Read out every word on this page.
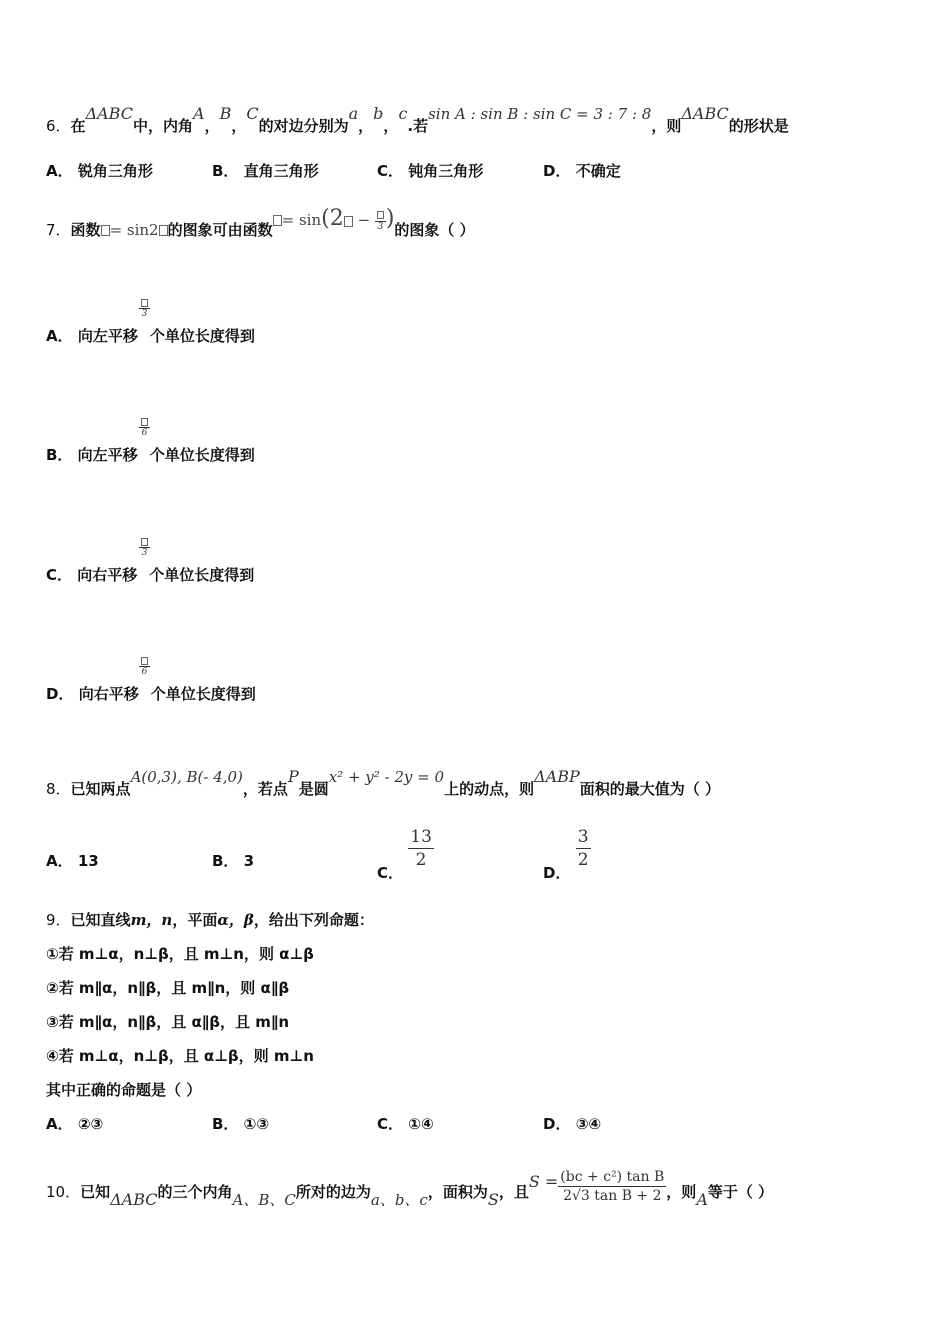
6．在ΔABC中，内角A，B，C的对边分别为a，b，c.若sin A : sin B : sin C = 3 : 7 : 8，则ΔABC的形状是
A． 锐角三角形	B． 直角三角形	C． 钝角三角形	D． 不确定
7．函数 = sin2 的图象可由函数= sin(2 − 3 )的图象（ ）
3
A． 向左平移 个单位长度得到
6
B． 向左平移 个单位长度得到
3
C． 向右平移 个单位长度得到
6
D． 向右平移 个单位长度得到
8．已知两点A(0,3), B(- 4,0)，若点P是圆x² + y² - 2y = 0上的动点，则ΔABP面积的最大值为（ ）
A． 13	B． 3
C．
$\frac{13}{2}$
D．
$\frac{3}{2}$
9．已知直线m，n，平面α，β，给出下列命题：
①若 m⊥α，n⊥β，且 m⊥n，则 α⊥β
②若 m∥α，n∥β，且 m∥n，则 α∥β
③若 m∥α，n∥β，且 α∥β，且 m∥n
④若 m⊥α，n⊥β，且 α⊥β，则 m⊥n
其中正确的命题是（ ）
A． ②③	B． ①③	C． ①④	D． ③④
10．已知ΔABC的三个内角A、B、C所对的边为a、b、c，面积为S，且$S = \frac{\text{(bc + c²) tan B}}{\text{2√3 tan B + 2}}$ ，则A等于（ ）
